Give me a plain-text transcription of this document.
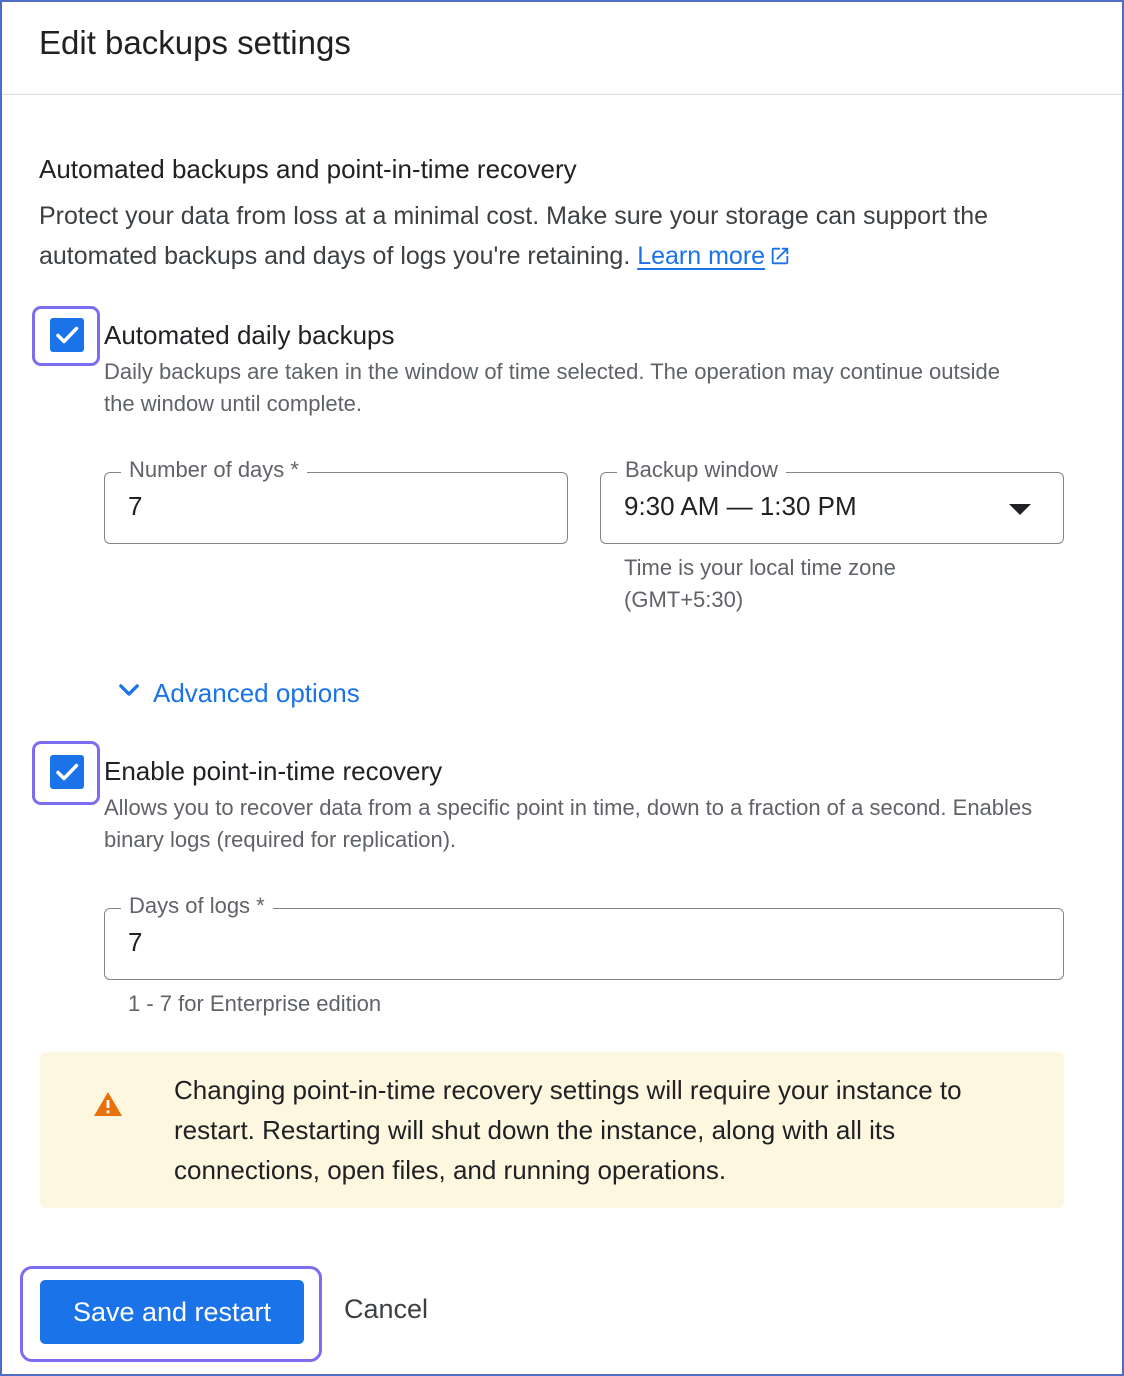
Edit backups settings
Automated backups and point-in-time recovery
Protect your data from loss at a minimal cost. Make sure your storage can support the automated backups and days of logs you're retaining. Learn more
Automated daily backups
Daily backups are taken in the window of time selected. The operation may continue outside the window until complete.
Number of days *
7
Backup window
9:30 AM — 1:30 PM
Time is your local time zone
(GMT+5:30)
Advanced options
Enable point-in-time recovery
Allows you to recover data from a specific point in time, down to a fraction of a second. Enables binary logs (required for replication).
Days of logs *
7
1 - 7 for Enterprise edition
Changing point-in-time recovery settings will require your instance to restart. Restarting will shut down the instance, along with all its connections, open files, and running operations.
Save and restart	Cancel
